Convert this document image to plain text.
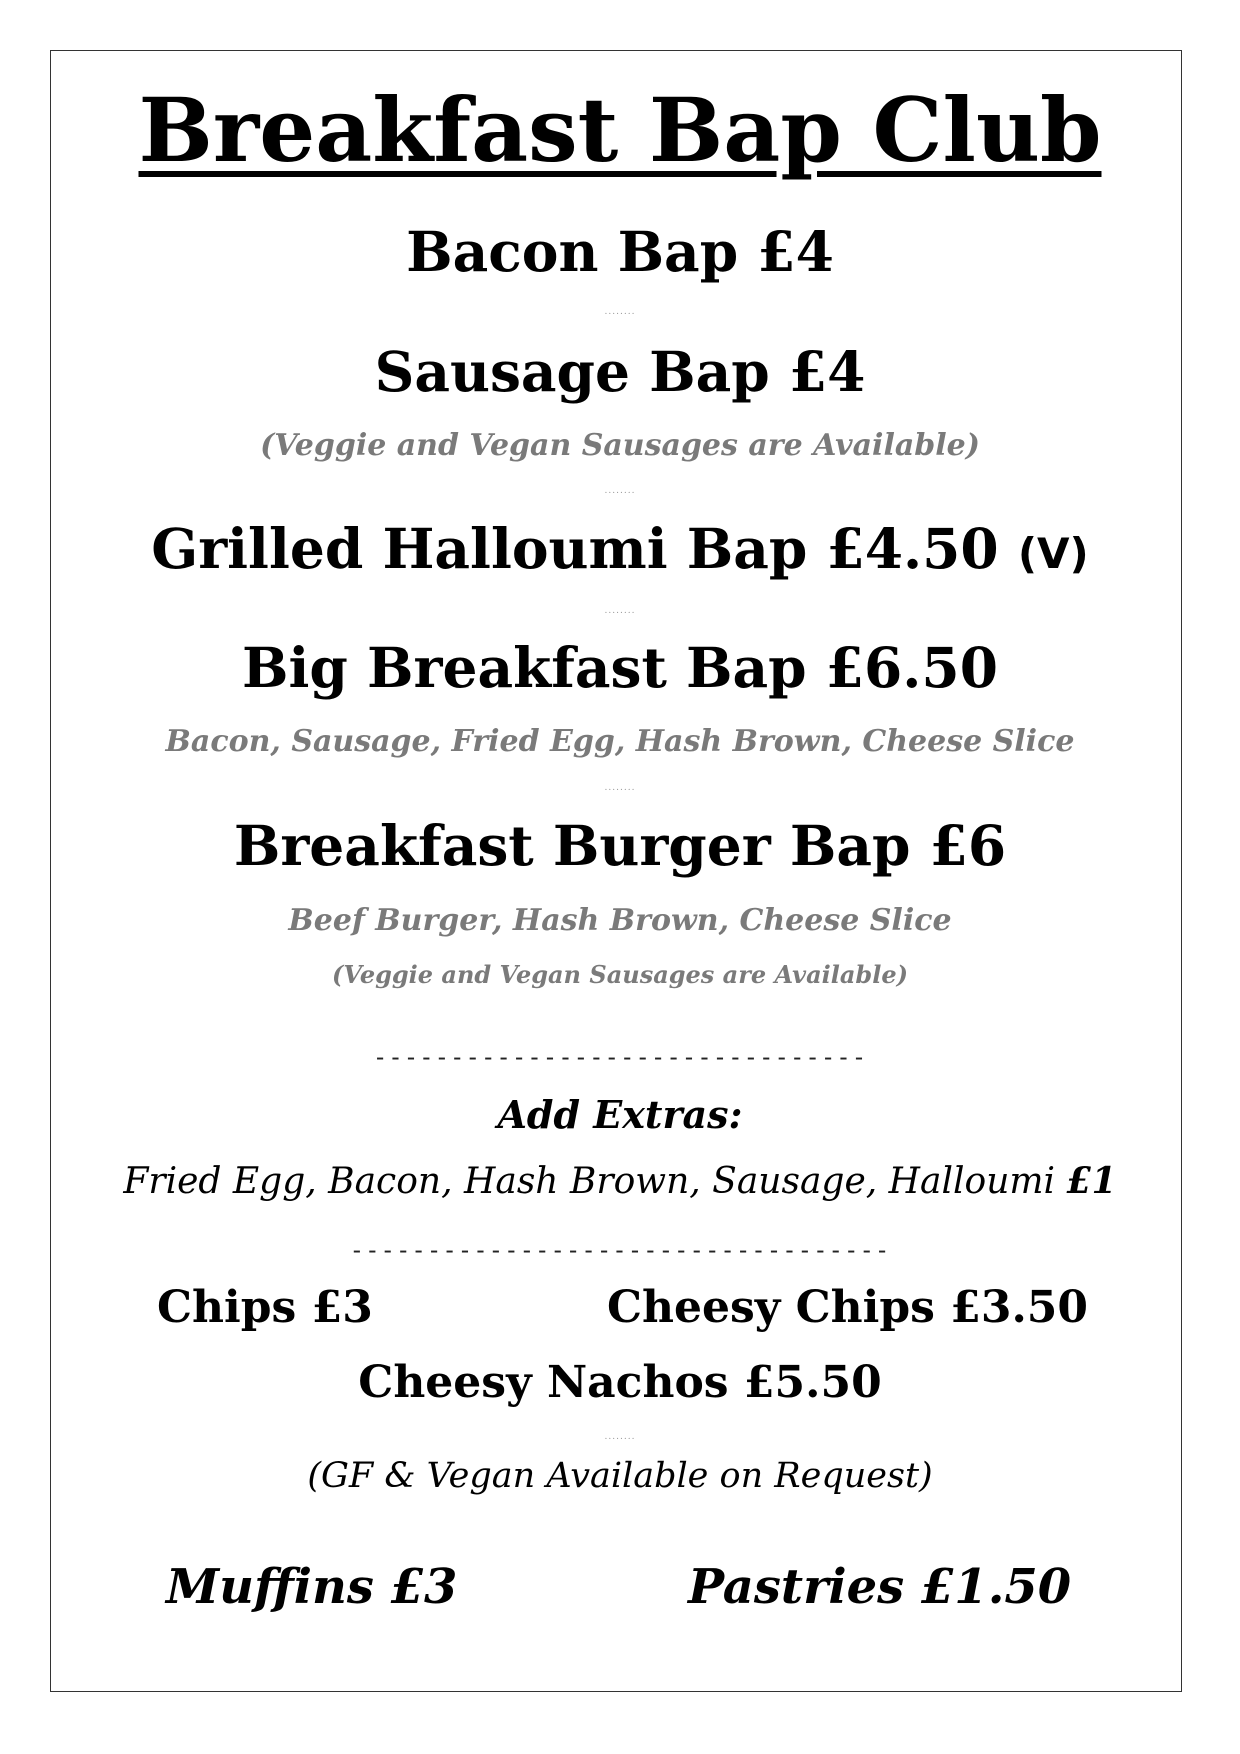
Breakfast Bap Club
Bacon Bap £4
........
Sausage Bap £4
(Veggie and Vegan Sausages are Available)
........
Grilled Halloumi Bap £4.50 (V)
........
Big Breakfast Bap £6.50
Bacon, Sausage, Fried Egg, Hash Brown, Cheese Slice
........
Breakfast Burger Bap £6
Beef Burger, Hash Brown, Cheese Slice
(Veggie and Vegan Sausages are Available)
--------------------------------
Add Extras:
Fried Egg, Bacon, Hash Brown, Sausage, Halloumi £1
-----------------------------------
Chips £3	Cheesy Chips £3.50
Cheesy Nachos £5.50
........
(GF & Vegan Available on Request)
Muffins £3	Pastries £1.50
